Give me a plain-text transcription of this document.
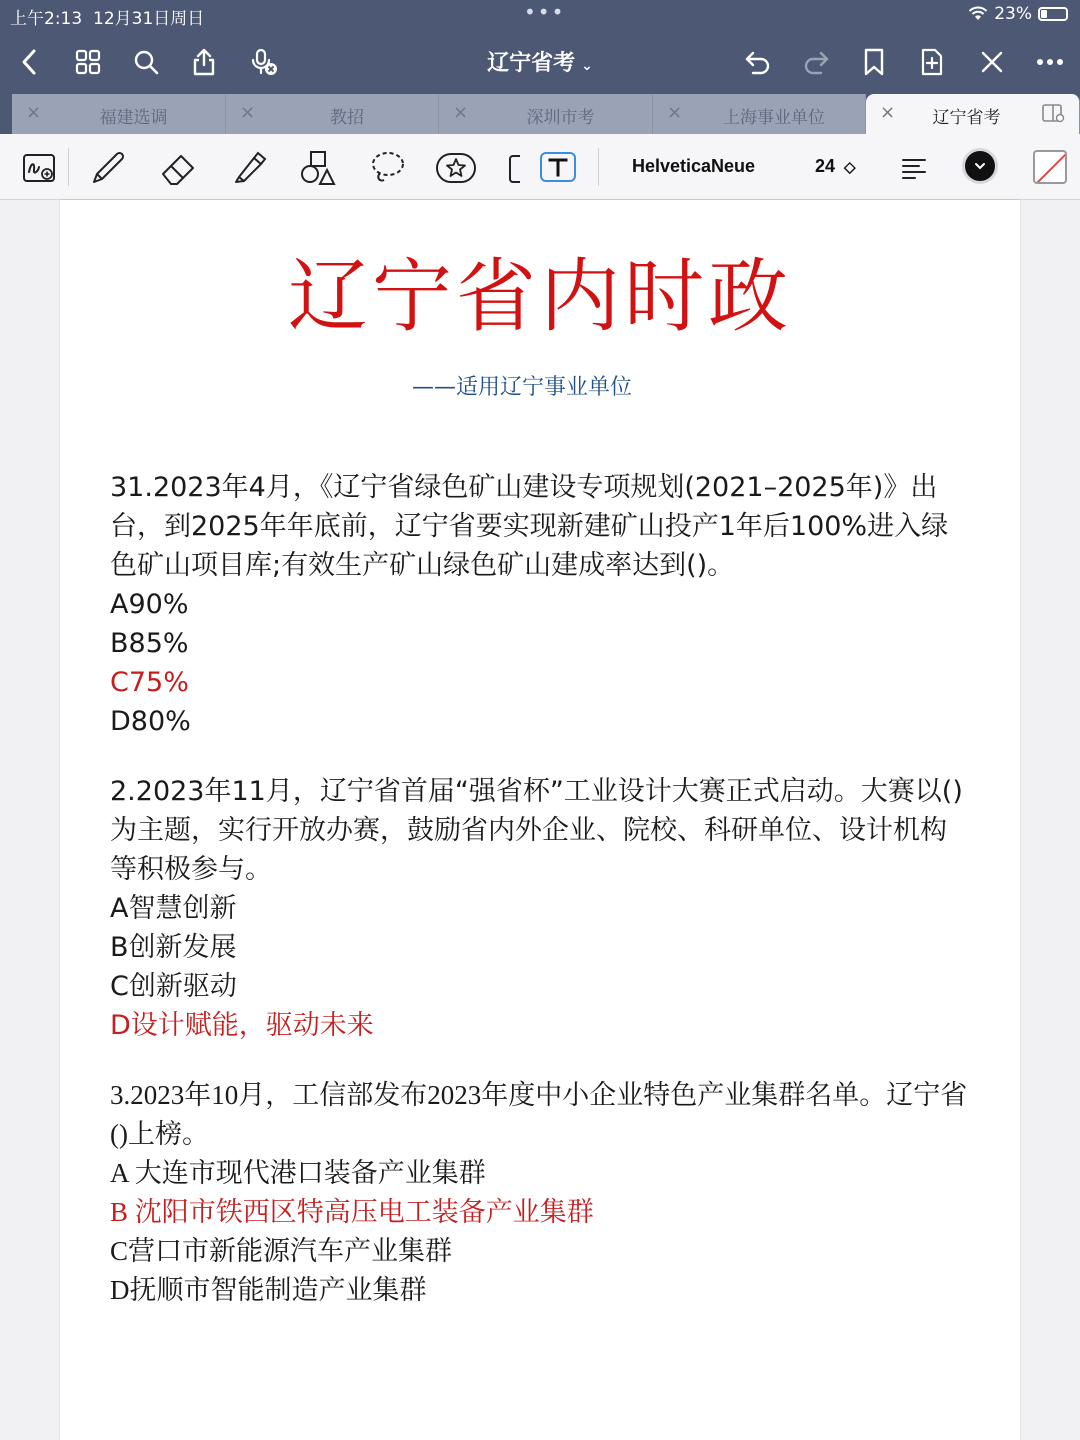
上午2:13 12月31日周日	•••	23%
辽宁省考 ⌄
×	福建选调	×	教招	×	深圳市考	×	上海事业单位	×	辽宁省考
HelveticaNeue	24 ◇
辽宁省内时政
——适用辽宁事业单位
31.2023年4月，《辽宁省绿色矿山建设专项规划(2021–2025年)》出台，到2025年年底前，辽宁省要实现新建矿山投产1年后100%进入绿色矿山项目库;有效生产矿山绿色矿山建成率达到()。
A90%
B85%
C75%
D80%
2.2023年11月，辽宁省首届“强省杯”工业设计大赛正式启动。大赛以()为主题，实行开放办赛，鼓励省内外企业、院校、科研单位、设计机构等积极参与。
A智慧创新
B创新发展
C创新驱动
D设计赋能，驱动未来
3.2023年10月，工信部发布2023年度中小企业特色产业集群名单。辽宁省()上榜。
A 大连市现代港口装备产业集群
B 沈阳市铁西区特高压电工装备产业集群
C营口市新能源汽车产业集群
D抚顺市智能制造产业集群
